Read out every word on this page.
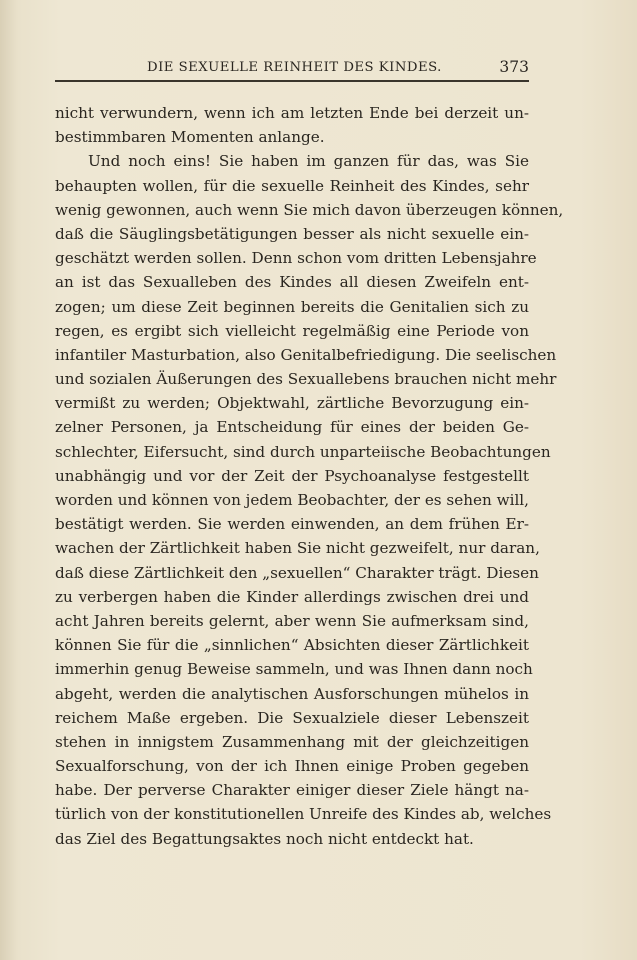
DIE SEXUELLE REINHEIT DES KINDES.	373
nicht verwundern, wenn ich am letzten Ende bei derzeit un-
bestimmbaren Momenten anlange.
Und noch eins! Sie haben im ganzen für das, was Sie
behaupten wollen, für die sexuelle Reinheit des Kindes, sehr
wenig gewonnen, auch wenn Sie mich davon überzeugen können,
daß die Säuglingsbetätigungen besser als nicht sexuelle ein-
geschätzt werden sollen. Denn schon vom dritten Lebensjahre
an ist das Sexualleben des Kindes all diesen Zweifeln ent-
zogen; um diese Zeit beginnen bereits die Genitalien sich zu
regen, es ergibt sich vielleicht regelmäßig eine Periode von
infantiler Masturbation, also Genitalbefriedigung. Die seelischen
und sozialen Äußerungen des Sexuallebens brauchen nicht mehr
vermißt zu werden; Objektwahl, zärtliche Bevorzugung ein-
zelner Personen, ja Entscheidung für eines der beiden Ge-
schlechter, Eifersucht, sind durch unparteiische Beobachtungen
unabhängig und vor der Zeit der Psychoanalyse festgestellt
worden und können von jedem Beobachter, der es sehen will,
bestätigt werden. Sie werden einwenden, an dem frühen Er-
wachen der Zärtlichkeit haben Sie nicht gezweifelt, nur daran,
daß diese Zärtlichkeit den „sexuellen“ Charakter trägt. Diesen
zu verbergen haben die Kinder allerdings zwischen drei und
acht Jahren bereits gelernt, aber wenn Sie aufmerksam sind,
können Sie für die „sinnlichen“ Absichten dieser Zärtlichkeit
immerhin genug Beweise sammeln, und was Ihnen dann noch
abgeht, werden die analytischen Ausforschungen mühelos in
reichem Maße ergeben. Die Sexualziele dieser Lebenszeit
stehen in innigstem Zusammenhang mit der gleichzeitigen
Sexualforschung, von der ich Ihnen einige Proben gegeben
habe. Der perverse Charakter einiger dieser Ziele hängt na-
türlich von der konstitutionellen Unreife des Kindes ab, welches
das Ziel des Begattungsaktes noch nicht entdeckt hat.
